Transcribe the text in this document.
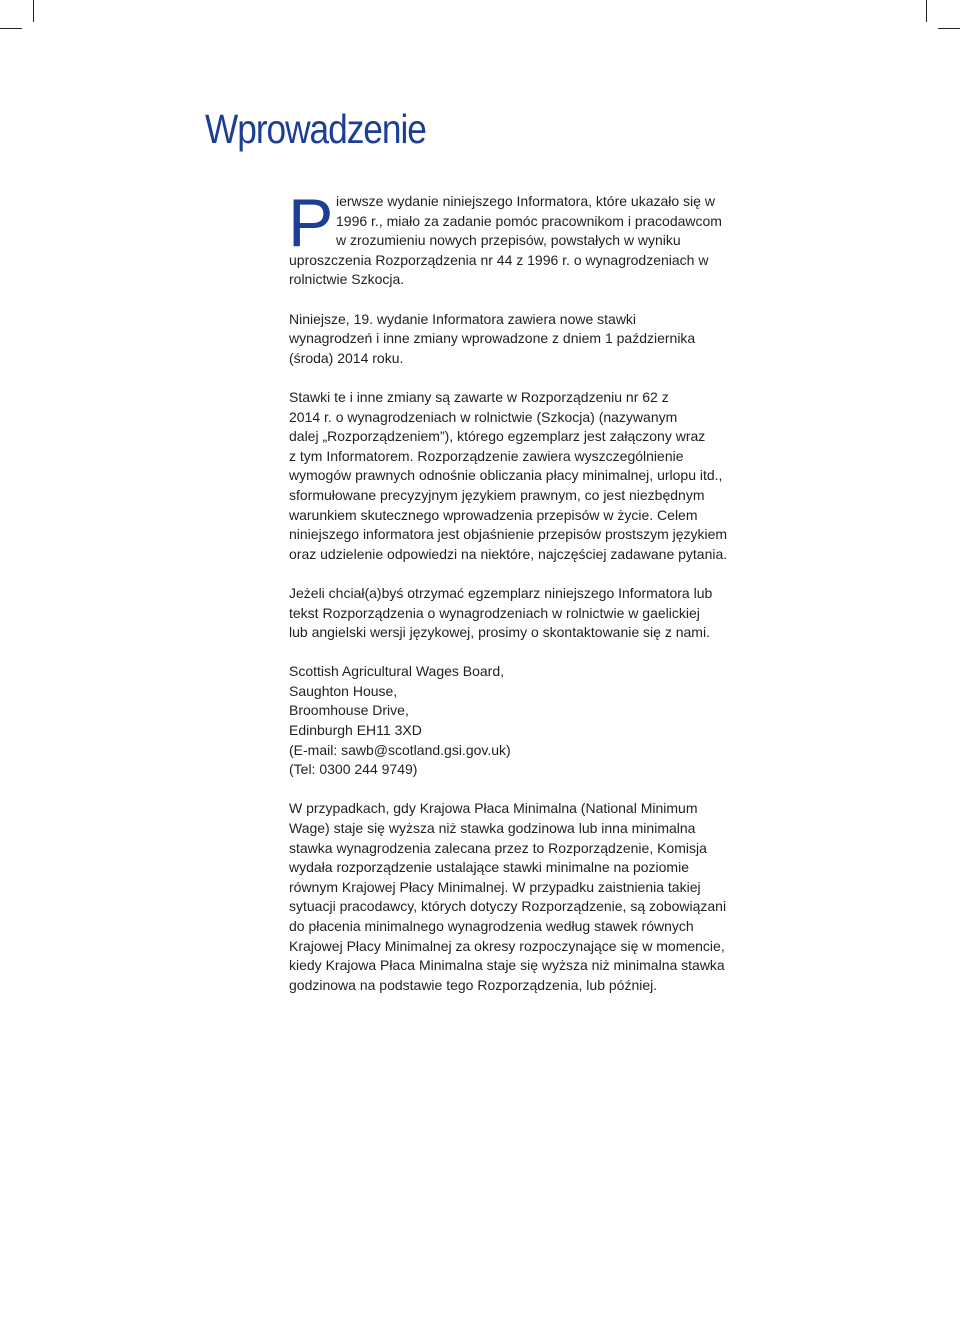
Wprowadzenie
P ierwsze wydanie niniejszego Informatora, które ukazało się w
1996 r., miało za zadanie pomóc pracownikom i pracodawcom
w zrozumieniu nowych przepisów, powstałych w wyniku
uproszczenia Rozporządzenia nr 44 z 1996 r. o wynagrodzeniach w
rolnictwie Szkocja.

Niniejsze, 19. wydanie Informatora zawiera nowe stawki
wynagrodzeń i inne zmiany wprowadzone z dniem 1 października
(środa) 2014 roku.

Stawki te i inne zmiany są zawarte w Rozporządzeniu nr 62 z
2014 r. o wynagrodzeniach w rolnictwie (Szkocja) (nazywanym
dalej „Rozporządzeniem”), którego egzemplarz jest załączony wraz
z tym Informatorem. Rozporządzenie zawiera wyszczególnienie
wymogów prawnych odnośnie obliczania płacy minimalnej, urlopu itd.,
sformułowane precyzyjnym językiem prawnym, co jest niezbędnym
warunkiem skutecznego wprowadzenia przepisów w życie. Celem
niniejszego informatora jest objaśnienie przepisów prostszym językiem
oraz udzielenie odpowiedzi na niektóre, najczęściej zadawane pytania.

Jeżeli chciał(a)byś otrzymać egzemplarz niniejszego Informatora lub
tekst Rozporządzenia o wynagrodzeniach w rolnictwie w gaelickiej
lub angielski wersji językowej, prosimy o skontaktowanie się z nami.

Scottish Agricultural Wages Board,
Saughton House,
Broomhouse Drive,
Edinburgh EH11 3XD
(E-mail: sawb@scotland.gsi.gov.uk)
(Tel: 0300 244 9749)

W przypadkach, gdy Krajowa Płaca Minimalna (National Minimum
Wage) staje się wyższa niż stawka godzinowa lub inna minimalna
stawka wynagrodzenia zalecana przez to Rozporządzenie, Komisja
wydała rozporządzenie ustalające stawki minimalne na poziomie
równym Krajowej Płacy Minimalnej. W przypadku zaistnienia takiej
sytuacji pracodawcy, których dotyczy Rozporządzenie, są zobowiązani
do płacenia minimalnego wynagrodzenia według stawek równych
Krajowej Płacy Minimalnej za okresy rozpoczynające się w momencie,
kiedy Krajowa Płaca Minimalna staje się wyższa niż minimalna stawka
godzinowa na podstawie tego Rozporządzenia, lub później.
